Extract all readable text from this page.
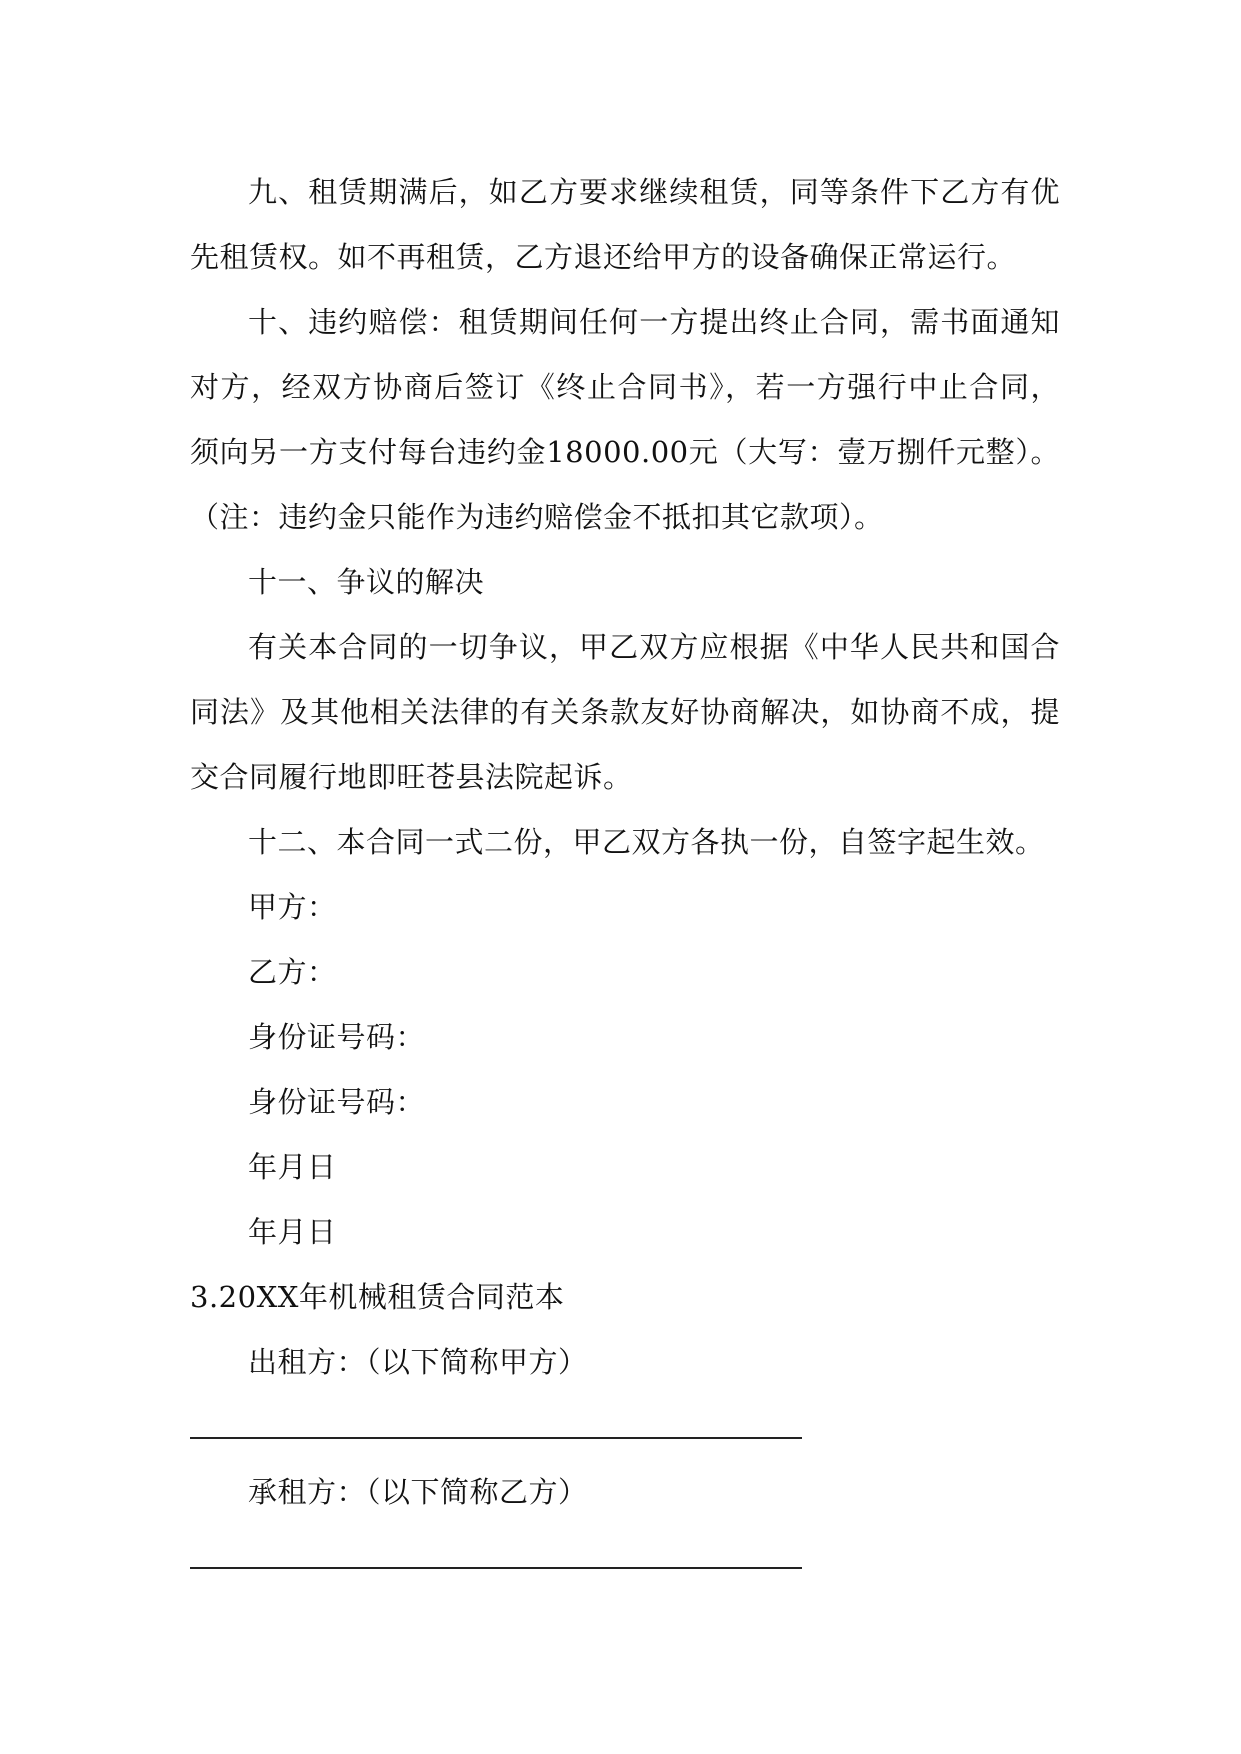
九、租赁期满后，如乙方要求继续租赁，同等条件下乙方有优先租赁权。如不再租赁，乙方退还给甲方的设备确保正常运行。

十、违约赔偿：租赁期间任何一方提出终止合同，需书面通知对方，经双方协商后签订《终止合同书》，若一方强行中止合同，须向另一方支付每台违约金18000.00元（大写：壹万捌仟元整）。（注：违约金只能作为违约赔偿金不抵扣其它款项）。

十一、争议的解决

有关本合同的一切争议，甲乙双方应根据《中华人民共和国合同法》及其他相关法律的有关条款友好协商解决，如协商不成，提交合同履行地即旺苍县法院起诉。

十二、本合同一式二份，甲乙双方各执一份，自签字起生效。

甲方：

乙方：

身份证号码：

身份证号码：

年月日

年月日

3.20XX年机械租赁合同范本

出租方：（以下简称甲方）

承租方：（以下简称乙方）
